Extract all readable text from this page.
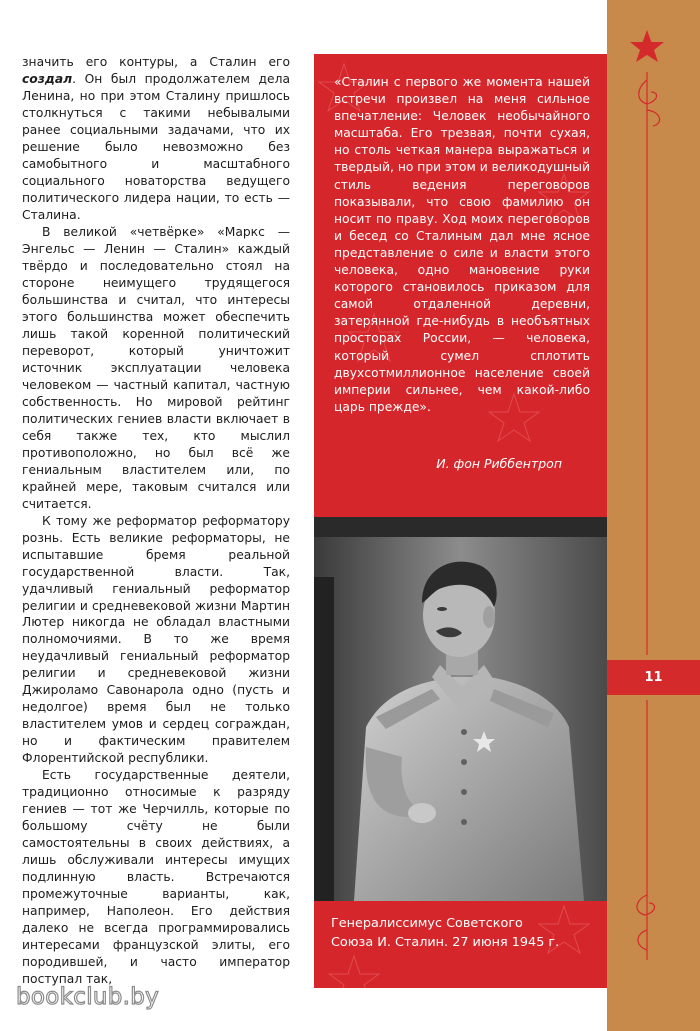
значить его контуры, а Сталин его создал. Он был продолжателем дела Ленина, но при этом Сталину пришлось столкнуться с такими небывалыми ранее социальными задачами, что их решение было невозможно без самобытного и масштабного социального новаторства ведущего политического лидера нации, то есть — Сталина.

В великой «четвёрке» «Маркс — Энгельс — Ленин — Сталин» каждый твёрдо и последовательно стоял на стороне неимущего трудящегося большинства и считал, что интересы этого большинства может обеспечить лишь такой коренной политический переворот, который уничтожит источник эксплуатации человека человеком — частный капитал, частную собственность. Но мировой рейтинг политических гениев власти включает в себя также тех, кто мыслил противоположно, но был всё же гениальным властителем или, по крайней мере, таковым считался или считается.

К тому же реформатор реформатору рознь. Есть великие реформаторы, не испытавшие бремя реальной государственной власти. Так, удачливый гениальный реформатор религии и средневековой жизни Мартин Лютер никогда не обладал властными полномочиями. В то же время неудачливый гениальный реформатор религии и средневековой жизни Джироламо Савонарола одно (пусть и недолгое) время был не только властителем умов и сердец сограждан, но и фактическим правителем Флорентийской республики.

Есть государственные деятели, традиционно относимые к разряду гениев — тот же Черчилль, которые по большому счёту не были самостоятельны в своих действиях, а лишь обслуживали интересы имущих подлинную власть. Встречаются промежуточные варианты, как, например, Наполеон. Его действия далеко не всегда программировались интересами французской элиты, его породившей, и часто император поступал так,

11
«Сталин с первого же момента нашей встречи произвел на меня сильное впечатление: Человек необычайного масштаба. Его трезвая, почти сухая, но столь четкая манера выражаться и твердый, но при этом и великодушный стиль ведения переговоров показывали, что свою фамилию он носит по праву. Ход моих переговоров и бесед со Сталиным дал мне ясное представление о силе и власти этого человека, одно мановение руки которого становилось приказом для самой отдаленной деревни, затерянной где-нибудь в необъятных просторах России, — человека, который сумел сплотить двухсотмиллионное население своей империи сильнее, чем какой-либо царь прежде».
И. фон Риббентроп
Генералиссимус Советского
Союза И. Сталин. 27 июня 1945 г.
bookclub.by
